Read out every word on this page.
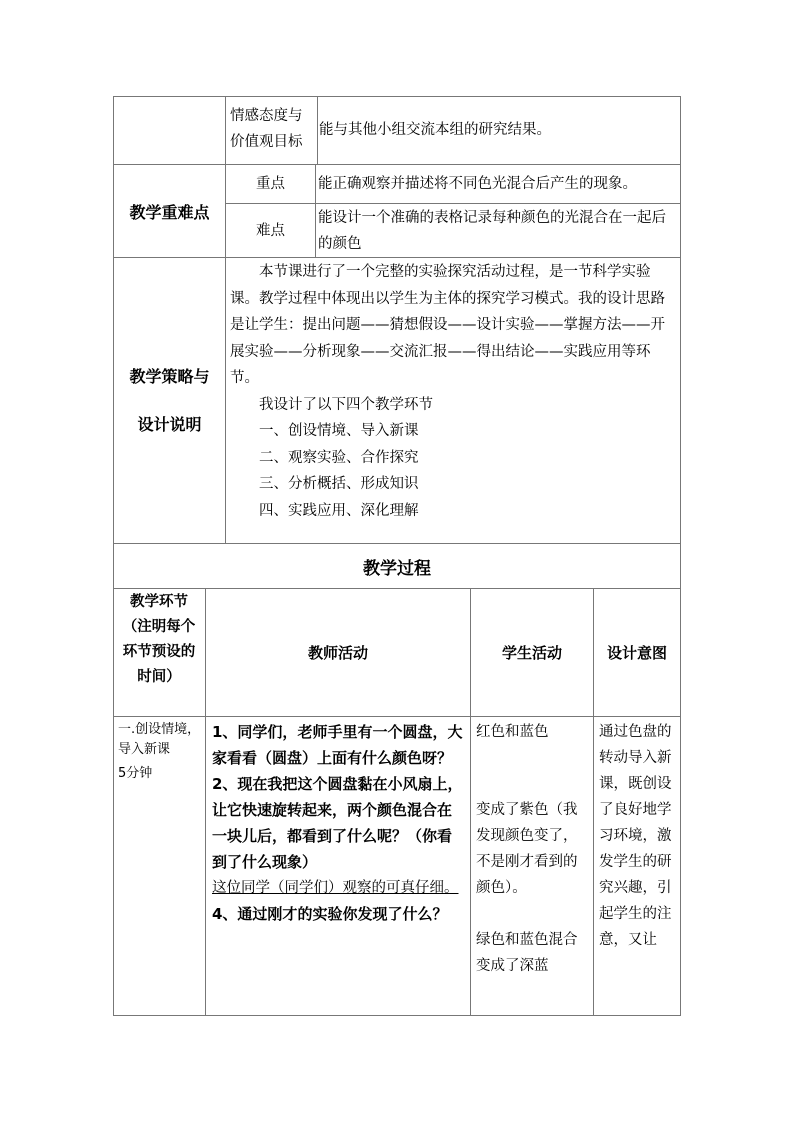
情感态度与价值观目标
能与其他小组交流本组的研究结果。
教学重难点
重点 能正确观察并描述将不同色光混合后产生的现象。
难点
能设计一个准确的表格记录每种颜色的光混合在一起后的颜色
教学策略与
设计说明

本节课进行了一个完整的实验探究活动过程，是一节科学实验课。教学过程中体现出以学生为主体的探究学习模式。我的设计思路是让学生：提出问题——猜想假设——设计实验——掌握方法——开展实验——分析现象——交流汇报——得出结论——实践应用等环节。

我设计了以下四个教学环节

一、创设情境、导入新课

二、观察实验、合作探究

三、分析概括、形成知识

四、实践应用、深化理解

教学过程
教学环节（注明每个环节预设的时间）
教师活动	学生活动	设计意图
一.创设情境，导入新课
5分钟
1、同学们，老师手里有一个圆盘，大家看看（圆盘）上面有什么颜色呀？
2、现在我把这个圆盘黏在小风扇上，让它快速旋转起来，两个颜色混合在一块儿后，都看到了什么呢？（你看到了什么现象）
这位同学（同学们）观察的可真仔细。
4、通过刚才的实验你发现了什么？
红色和蓝色
变成了紫色（我发现颜色变了，不是刚才看到的颜色）。
绿色和蓝色混合变成了深蓝
通过色盘的转动导入新课，既创设了良好地学习环境，激发学生的研究兴趣，引起学生的注意，又让
